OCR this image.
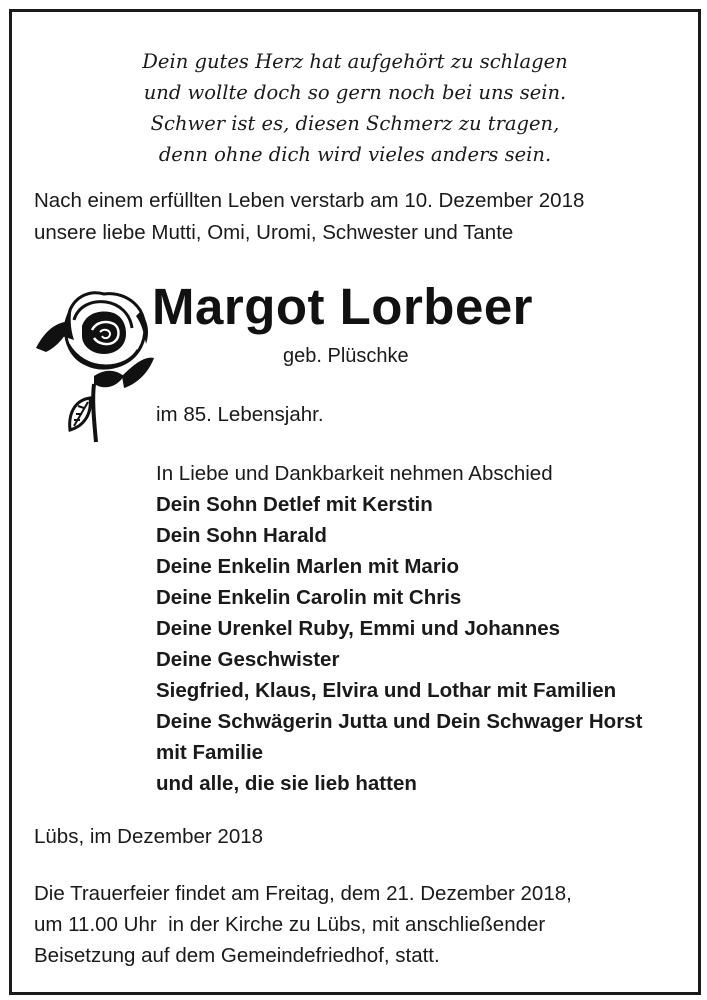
Dein gutes Herz hat aufgehört zu schlagen
und wollte doch so gern noch bei uns sein.
Schwer ist es, diesen Schmerz zu tragen,
denn ohne dich wird vieles anders sein.
Nach einem erfüllten Leben verstarb am 10. Dezember 2018
unsere liebe Mutti, Omi, Uromi, Schwester und Tante
Margot Lorbeer
geb. Plüschke
im 85. Lebensjahr.
In Liebe und Dankbarkeit nehmen Abschied
Dein Sohn Detlef mit Kerstin
Dein Sohn Harald
Deine Enkelin Marlen mit Mario
Deine Enkelin Carolin mit Chris
Deine Urenkel Ruby, Emmi und Johannes
Deine Geschwister
Siegfried, Klaus, Elvira und Lothar mit Familien
Deine Schwägerin Jutta und Dein Schwager Horst
mit Familie
und alle, die sie lieb hatten
Lübs, im Dezember 2018
Die Trauerfeier findet am Freitag, dem 21. Dezember 2018,
um 11.00 Uhr  in der Kirche zu Lübs, mit anschließender
Beisetzung auf dem Gemeindefriedhof, statt.
